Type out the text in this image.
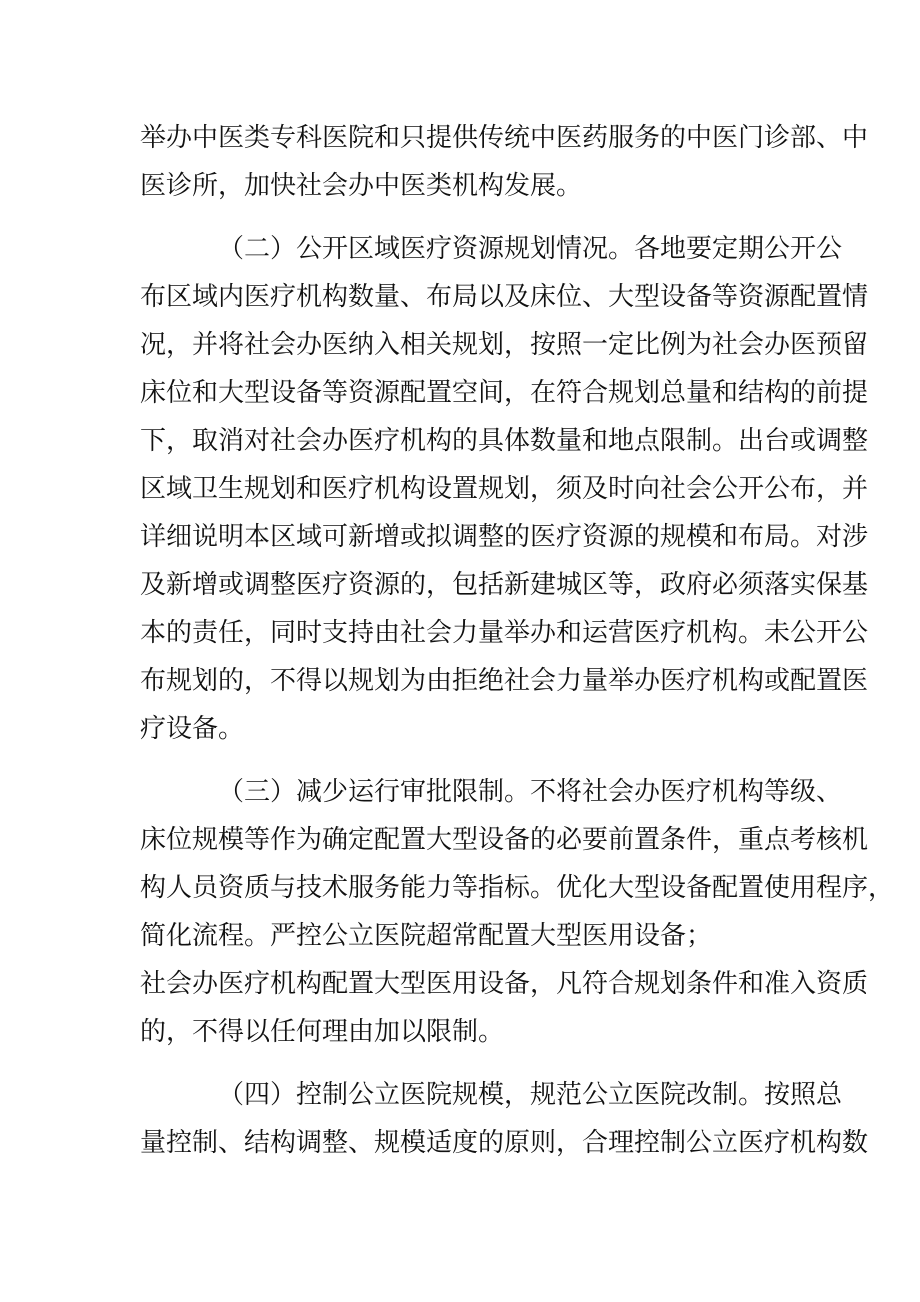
举办中医类专科医院和只提供传统中医药服务的中医门诊部、中
医诊所，加快社会办中医类机构发展。
（二）公开区域医疗资源规划情况。各地要定期公开公
布区域内医疗机构数量、布局以及床位、大型设备等资源配置情
况，并将社会办医纳入相关规划，按照一定比例为社会办医预留
床位和大型设备等资源配置空间，在符合规划总量和结构的前提
下，取消对社会办医疗机构的具体数量和地点限制。出台或调整
区域卫生规划和医疗机构设置规划，须及时向社会公开公布，并
详细说明本区域可新增或拟调整的医疗资源的规模和布局。对涉
及新增或调整医疗资源的，包括新建城区等，政府必须落实保基
本的责任，同时支持由社会力量举办和运营医疗机构。未公开公
布规划的，不得以规划为由拒绝社会力量举办医疗机构或配置医
疗设备。
（三）减少运行审批限制。不将社会办医疗机构等级、
床位规模等作为确定配置大型设备的必要前置条件，重点考核机
构人员资质与技术服务能力等指标。优化大型设备配置使用程序，
简化流程。严控公立医院超常配置大型医用设备；
社会办医疗机构配置大型医用设备，凡符合规划条件和准入资质
的，不得以任何理由加以限制。
（四）控制公立医院规模，规范公立医院改制。按照总
量控制、结构调整、规模适度的原则，合理控制公立医疗机构数
